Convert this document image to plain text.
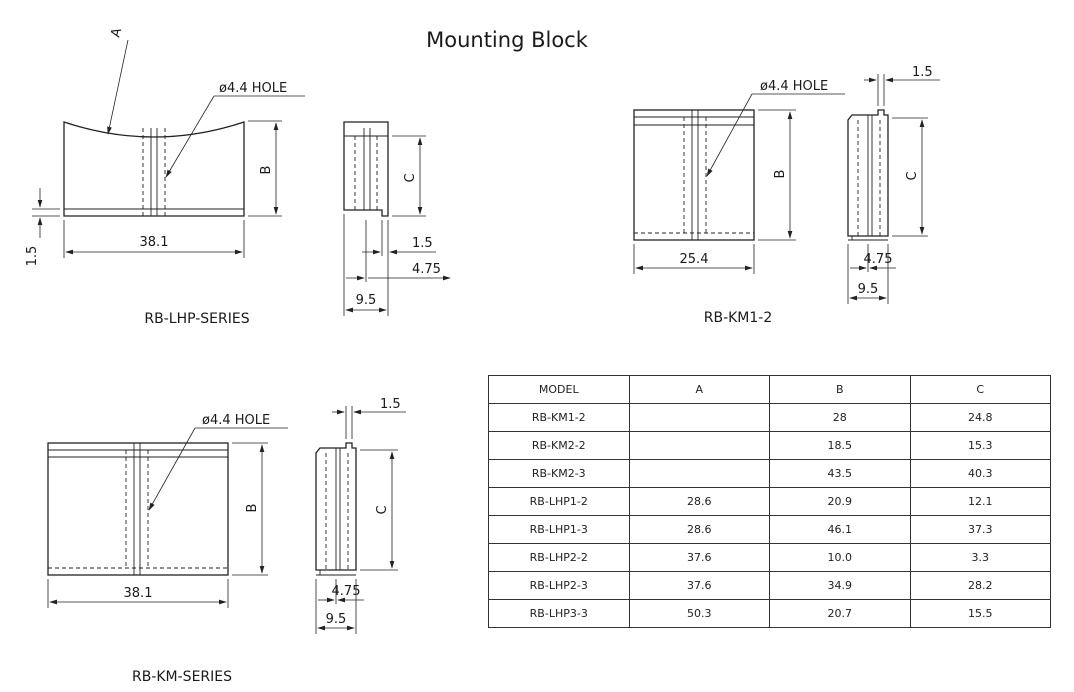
Mounting Block
A
ø4.4 HOLE
B
38.1
1.5
C
1.5
4.75
9.5
RB-LHP-SERIES
ø4.4 HOLE
B
25.4
1.5
C
4.75
9.5
RB-KM1-2
ø4.4 HOLE
B
38.1
1.5
C
4.75
9.5
RB-KM-SERIES
MODEL	A	B	C
RB-KM1-2		28	24.8
RB-KM2-2		18.5	15.3
RB-KM2-3		43.5	40.3
RB-LHP1-2	28.6	20.9	12.1
RB-LHP1-3	28.6	46.1	37.3
RB-LHP2-2	37.6	10.0	3.3
RB-LHP2-3	37.6	34.9	28.2
RB-LHP3-3	50.3	20.7	15.5
